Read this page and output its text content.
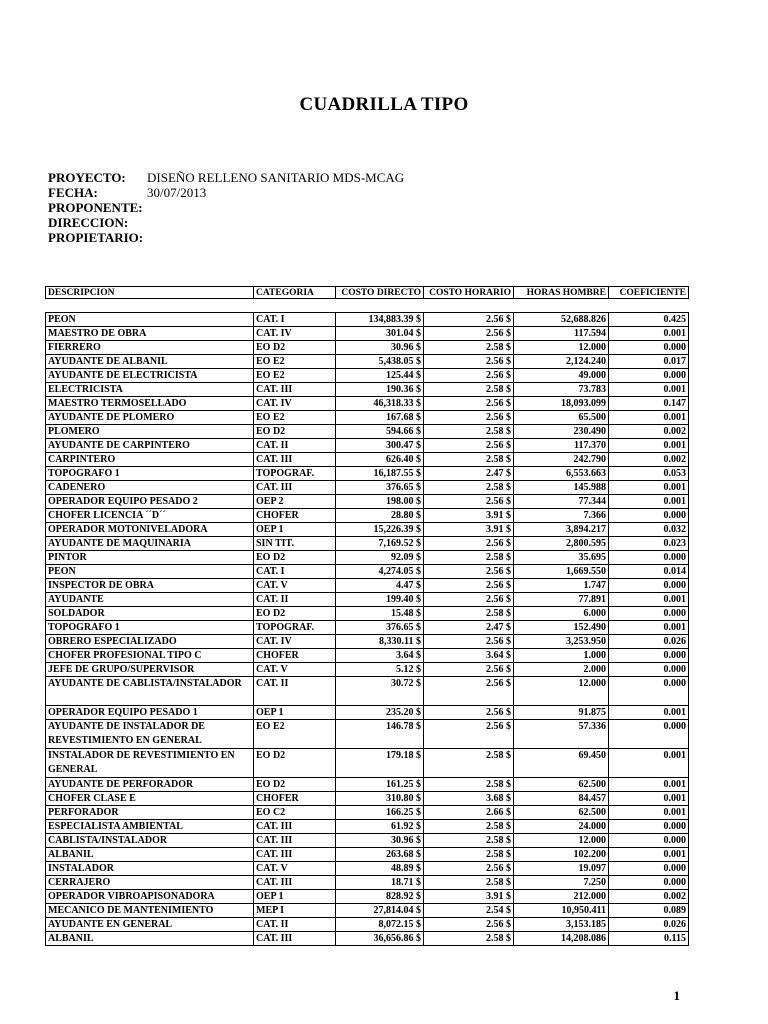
CUADRILLA TIPO
PROYECTO:	DISEÑO RELLENO SANITARIO MDS-MCAG
FECHA:	30/07/2013
PROPONENTE:
DIRECCION:
PROPIETARIO:
DESCRIPCION	CATEGORIA	COSTO DIRECTO	COSTO HORARIO	HORAS HOMBRE	COEFICIENTE
PEON	CAT. I	134,883.39 $	2.56 $	52,688.826	0.425
MAESTRO DE OBRA	CAT. IV	301.04 $	2.56 $	117.594	0.001
FIERRERO	EO D2	30.96 $	2.58 $	12.000	0.000
AYUDANTE DE ALBANIL	EO E2	5,438.05 $	2.56 $	2,124.240	0.017
AYUDANTE DE ELECTRICISTA	EO E2	125.44 $	2.56 $	49.000	0.000
ELECTRICISTA	CAT. III	190.36 $	2.58 $	73.783	0.001
MAESTRO TERMOSELLADO	CAT. IV	46,318.33 $	2.56 $	18,093.099	0.147
AYUDANTE DE PLOMERO	EO E2	167.68 $	2.56 $	65.500	0.001
PLOMERO	EO D2	594.66 $	2.58 $	230.490	0.002
AYUDANTE DE CARPINTERO	CAT. II	300.47 $	2.56 $	117.370	0.001
CARPINTERO	CAT. III	626.40 $	2.58 $	242.790	0.002
TOPOGRAFO 1	TOPOGRAF.	16,187.55 $	2.47 $	6,553.663	0.053
CADENERO	CAT. III	376.65 $	2.58 $	145.988	0.001
OPERADOR EQUIPO PESADO 2	OEP 2	198.00 $	2.56 $	77.344	0.001
CHOFER LICENCIA ´´D´´	CHOFER	28.80 $	3.91 $	7.366	0.000
OPERADOR MOTONIVELADORA	OEP 1	15,226.39 $	3.91 $	3,894.217	0.032
AYUDANTE DE MAQUINARIA	SIN TIT.	7,169.52 $	2.56 $	2,800.595	0.023
PINTOR	EO D2	92.09 $	2.58 $	35.695	0.000
PEON	CAT. I	4,274.05 $	2.56 $	1,669.550	0.014
INSPECTOR DE OBRA	CAT. V	4.47 $	2.56 $	1.747	0.000
AYUDANTE	CAT. II	199.40 $	2.56 $	77.891	0.001
SOLDADOR	EO D2	15.48 $	2.58 $	6.000	0.000
TOPOGRAFO 1	TOPOGRAF.	376.65 $	2.47 $	152.490	0.001
OBRERO ESPECIALIZADO	CAT. IV	8,330.11 $	2.56 $	3,253.950	0.026
CHOFER PROFESIONAL TIPO C	CHOFER	3.64 $	3.64 $	1.000	0.000
JEFE DE GRUPO/SUPERVISOR	CAT. V	5.12 $	2.56 $	2.000	0.000
AYUDANTE DE CABLISTA/INSTALADOR	CAT. II	30.72 $	2.56 $	12.000	0.000
OPERADOR EQUIPO PESADO 1	OEP 1	235.20 $	2.56 $	91.875	0.001
AYUDANTE DE INSTALADOR DE REVESTIMIENTO EN GENERAL	EO E2	146.78 $	2.56 $	57.336	0.000
INSTALADOR DE REVESTIMIENTO EN GENERAL	EO D2	179.18 $	2.58 $	69.450	0.001
AYUDANTE DE PERFORADOR	EO D2	161.25 $	2.58 $	62.500	0.001
CHOFER CLASE E	CHOFER	310.80 $	3.68 $	84.457	0.001
PERFORADOR	EO C2	166.25 $	2.66 $	62.500	0.001
ESPECIALISTA AMBIENTAL	CAT. III	61.92 $	2.58 $	24.000	0.000
CABLISTA/INSTALADOR	CAT. III	30.96 $	2.58 $	12.000	0.000
ALBANIL	CAT. III	263.68 $	2.58 $	102.200	0.001
INSTALADOR	CAT. V	48.89 $	2.56 $	19.097	0.000
CERRAJERO	CAT. III	18.71 $	2.58 $	7.250	0.000
OPERADOR VIBROAPISONADORA	OEP 1	828.92 $	3.91 $	212.000	0.002
MECANICO DE MANTENIMIENTO	MEP I	27,814.04 $	2.54 $	10,950.411	0.089
AYUDANTE EN GENERAL	CAT. II	8,072.15 $	2.56 $	3,153.185	0.026
ALBANIL	CAT. III	36,656.86 $	2.58 $	14,208.086	0.115
1
